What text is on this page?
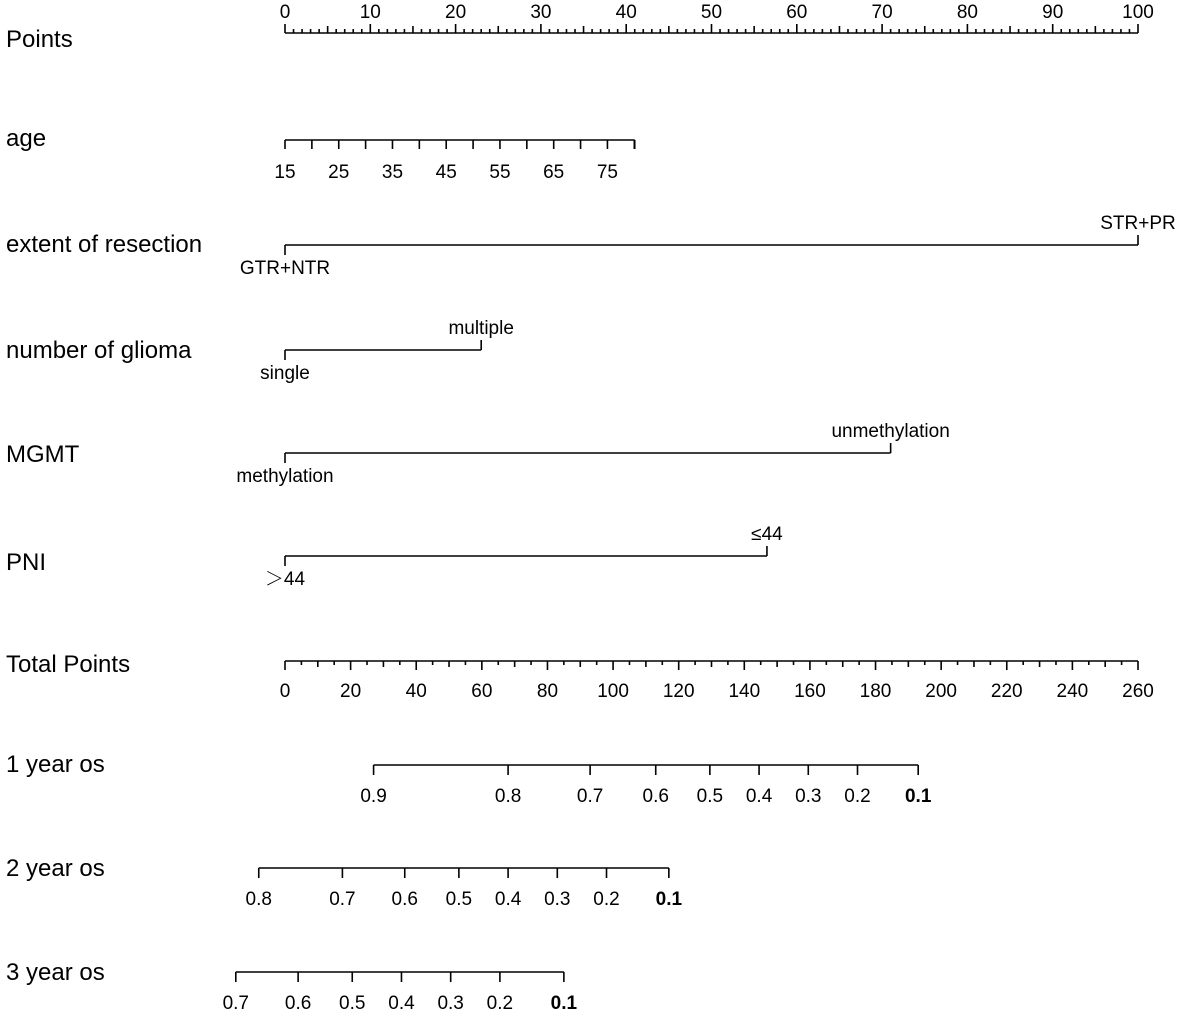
Points
0	10	20	30	40	50	60	70	80	90	100
age
15 25 35 45 55 65 75
extent of resection
GTR+NTR
STR+PR
number of glioma
single
multiple
MGMT
methylation
unmethylation
PNI
＞44
≤44
Total Points
0	20 40 60 80 100 120 140 160 180 200 220 240 260
1 year os
0.9	0.8	0.7 0.6 0.5 0.4 0.3 0.2 0.1
2 year os
0.8	0.7 0.6 0.5 0.4 0.3 0.2 0.1
3 year os
0.7 0.6 0.5 0.4 0.3 0.2 0.1
